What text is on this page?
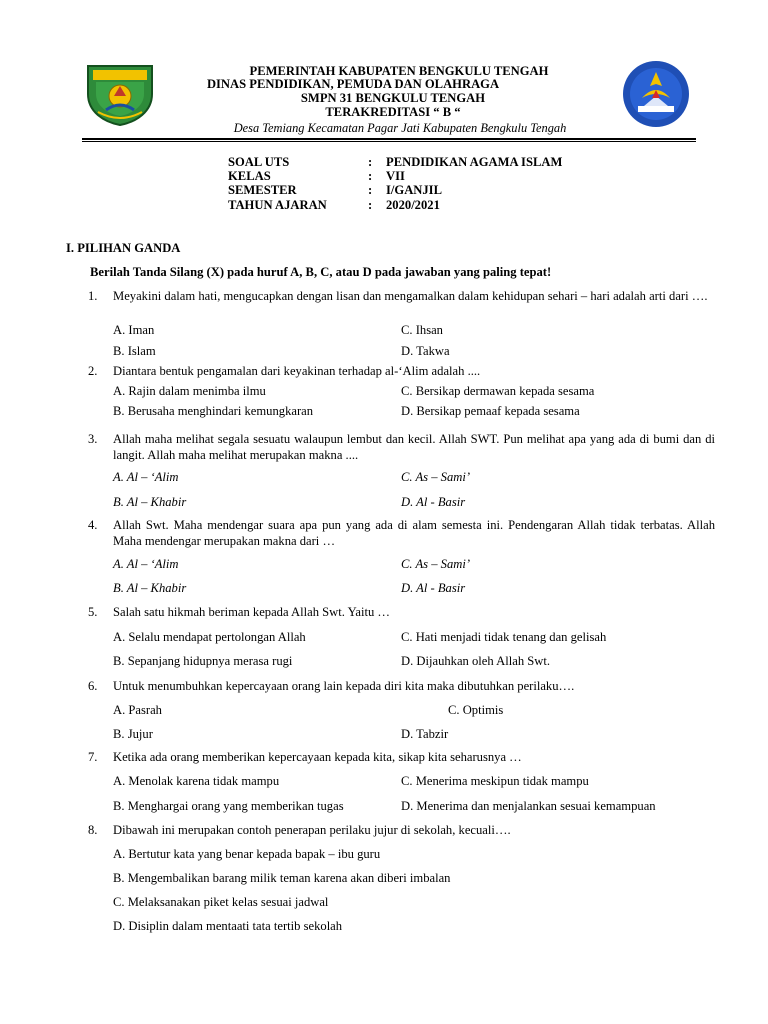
PEMERINTAH KABUPATEN BENGKULU TENGAH
DINAS PENDIDIKAN, PEMUDA DAN OLAHRAGA
SMPN 31 BENGKULU TENGAH
TERAKREDITASI “ B “
Desa Temiang Kecamatan Pagar Jati Kabupaten Bengkulu Tengah
SOAL UTS	:	PENDIDIKAN AGAMA ISLAM
KELAS	:	VII
SEMESTER	:	I/GANJIL
TAHUN AJARAN	:	2020/2021
I. PILIHAN GANDA
Berilah Tanda Silang (X) pada huruf A, B, C, atau D pada jawaban yang paling tepat!
1. Meyakini dalam hati, mengucapkan dengan lisan dan mengamalkan dalam kehidupan sehari – hari adalah arti dari ….
A. Iman
B. Islam
C. Ihsan
D. Takwa
2. Diantara bentuk pengamalan dari keyakinan terhadap al-‘Alim adalah ....
A. Rajin dalam menimba ilmu
B. Berusaha menghindari kemungkaran
C. Bersikap dermawan kepada sesama
D. Bersikap pemaaf kepada sesama
3. Allah maha melihat segala sesuatu walaupun lembut dan kecil. Allah SWT. Pun melihat apa yang ada di bumi dan di langit. Allah maha melihat merupakan makna ....
A. Al – ‘Alim
B. Al – Khabir
C. As – Sami’
D. Al - Basir
4. Allah Swt. Maha mendengar suara apa pun yang ada di alam semesta ini. Pendengaran Allah tidak terbatas. Allah Maha mendengar merupakan makna dari …
A. Al – ‘Alim
B. Al – Khabir
C. As – Sami’
D. Al - Basir
5. Salah satu hikmah beriman kepada Allah Swt. Yaitu …
A. Selalu mendapat pertolongan Allah
B. Sepanjang hidupnya merasa rugi
C. Hati menjadi tidak tenang dan gelisah
D. Dijauhkan oleh Allah Swt.
6. Untuk menumbuhkan kepercayaan orang lain kepada diri kita maka dibutuhkan perilaku….
A. Pasrah
B. Jujur
C. Optimis
D. Tabzir
7. Ketika ada orang memberikan kepercayaan kepada kita, sikap kita seharusnya …
A. Menolak karena tidak mampu
B. Menghargai orang yang memberikan tugas
C. Menerima meskipun tidak mampu
D. Menerima dan menjalankan sesuai kemampuan
8. Dibawah ini merupakan contoh penerapan perilaku jujur di sekolah, kecuali….
A. Bertutur kata yang benar kepada bapak – ibu guru
B. Mengembalikan barang milik teman karena akan diberi imbalan
C. Melaksanakan piket kelas sesuai jadwal
D. Disiplin dalam mentaati tata tertib sekolah
